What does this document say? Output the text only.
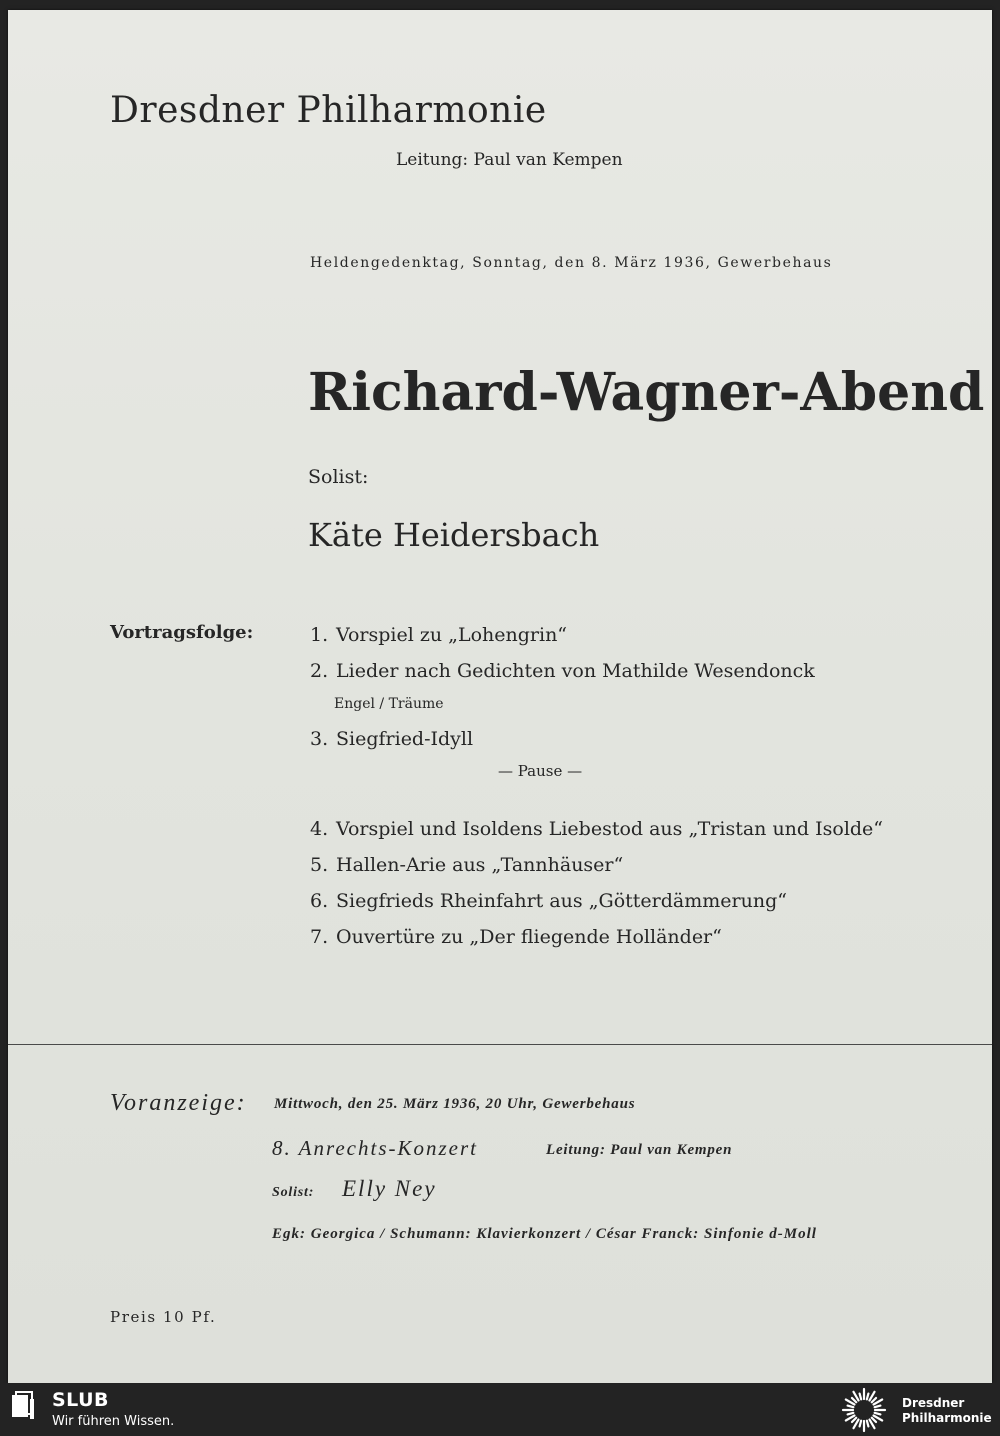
Dresdner Philharmonie
Leitung: Paul van Kempen
Heldengedenktag, Sonntag, den 8. März 1936, Gewerbehaus
Richard-Wagner-Abend
Solist:
Käte Heidersbach
Vortragsfolge:	1. Vorspiel zu „Lohengrin“
2. Lieder nach Gedichten von Mathilde Wesendonck
Engel / Träume
3. Siegfried-Idyll
— Pause —
4. Vorspiel und Isoldens Liebestod aus „Tristan und Isolde“
5. Hallen-Arie aus „Tannhäuser“
6. Siegfrieds Rheinfahrt aus „Götterdämmerung“
7. Ouvertüre zu „Der fliegende Holländer“
Voranzeige: Mittwoch, den 25. März 1936, 20 Uhr, Gewerbehaus
8. Anrechts-Konzert	Leitung: Paul van Kempen
Solist: Elly Ney
Egk: Georgica / Schumann: Klavierkonzert / César Franck: Sinfonie d-Moll
Preis 10 Pf.
SLUB
Wir führen Wissen.
Dresdner
Philharmonie
